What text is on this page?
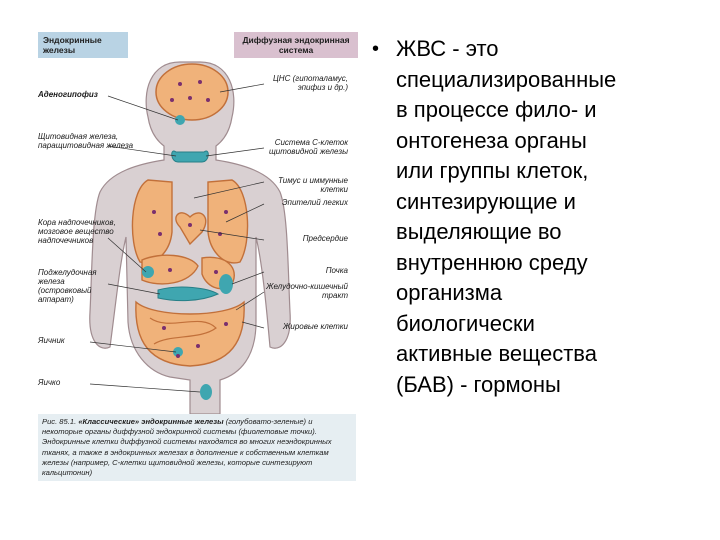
Эндокринные железы
Диффузная эндокринная система
Аденогипофиз
Щитовидная железа, паращитовидная железа
Кора надпочечников, мозговое вещество надпочечников
Поджелудочная железа (островковый аппарат)
Яичник
Яичко
ЦНС (гипоталамус, эпифиз и др.)
Система С-клеток щитовидной железы
Тимус и иммунные клетки
Эпителий легких
Предсердие
Почка
Желудочно-кишечный тракт
Жировые клетки
Рис. 85.1. «Классические» эндокринные железы (голубовато-зеленые) и некоторые органы диффузной эндокринной системы (фиолетовые точки). Эндокринные клетки диффузной системы находятся во многих неэндокринных тканях, а также в эндокринных железах в дополнение к собственным клеткам железы (например, С-клетки щитовидной железы, которые синтезируют кальцитонин)
• ЖВС - это
специализированные
в процессе фило- и
онтогенеза органы
или группы клеток,
синтезирующие и
выделяющие во
внутреннюю среду
организма
биологически
активные вещества
(БАВ) - гормоны
